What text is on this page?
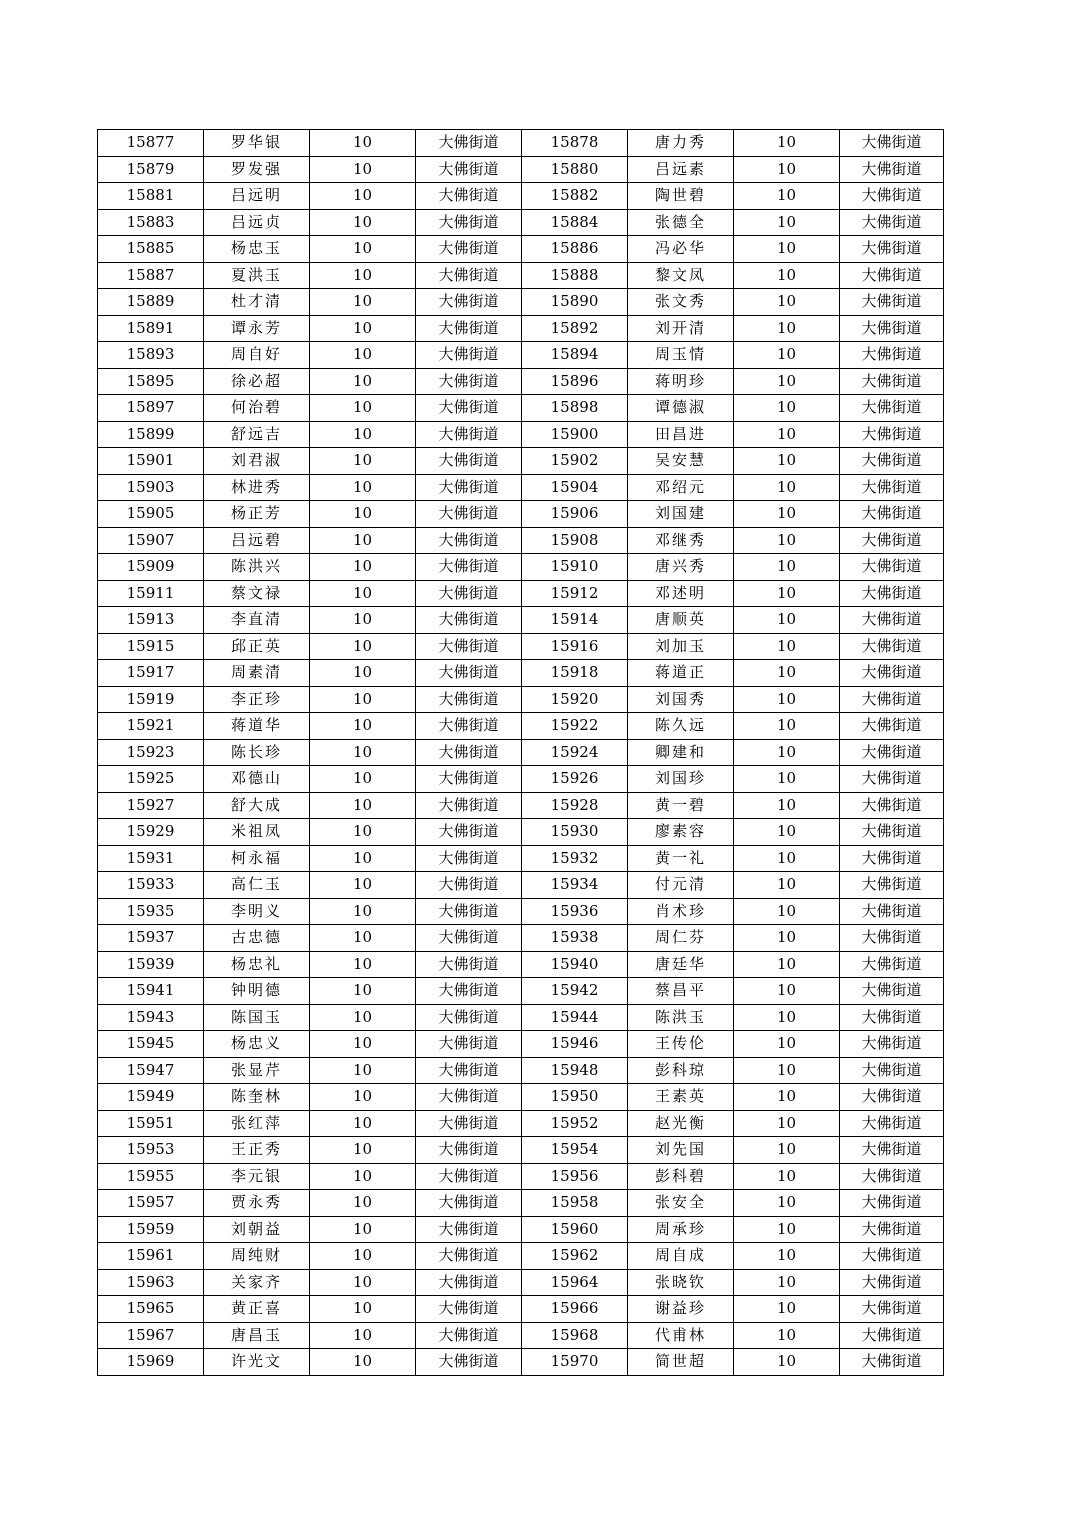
15877	罗华银	10	大佛街道	15878	唐力秀	10	大佛街道
15879	罗发强	10	大佛街道	15880	吕远素	10	大佛街道
15881	吕远明	10	大佛街道	15882	陶世碧	10	大佛街道
15883	吕远贞	10	大佛街道	15884	张德全	10	大佛街道
15885	杨忠玉	10	大佛街道	15886	冯必华	10	大佛街道
15887	夏洪玉	10	大佛街道	15888	黎文凤	10	大佛街道
15889	杜才清	10	大佛街道	15890	张文秀	10	大佛街道
15891	谭永芳	10	大佛街道	15892	刘开清	10	大佛街道
15893	周自好	10	大佛街道	15894	周玉情	10	大佛街道
15895	徐必超	10	大佛街道	15896	蒋明珍	10	大佛街道
15897	何治碧	10	大佛街道	15898	谭德淑	10	大佛街道
15899	舒远吉	10	大佛街道	15900	田昌进	10	大佛街道
15901	刘君淑	10	大佛街道	15902	吴安慧	10	大佛街道
15903	林进秀	10	大佛街道	15904	邓绍元	10	大佛街道
15905	杨正芳	10	大佛街道	15906	刘国建	10	大佛街道
15907	吕远碧	10	大佛街道	15908	邓继秀	10	大佛街道
15909	陈洪兴	10	大佛街道	15910	唐兴秀	10	大佛街道
15911	蔡文禄	10	大佛街道	15912	邓述明	10	大佛街道
15913	李直清	10	大佛街道	15914	唐顺英	10	大佛街道
15915	邱正英	10	大佛街道	15916	刘加玉	10	大佛街道
15917	周素清	10	大佛街道	15918	蒋道正	10	大佛街道
15919	李正珍	10	大佛街道	15920	刘国秀	10	大佛街道
15921	蒋道华	10	大佛街道	15922	陈久远	10	大佛街道
15923	陈长珍	10	大佛街道	15924	卿建和	10	大佛街道
15925	邓德山	10	大佛街道	15926	刘国珍	10	大佛街道
15927	舒大成	10	大佛街道	15928	黄一碧	10	大佛街道
15929	米祖凤	10	大佛街道	15930	廖素容	10	大佛街道
15931	柯永福	10	大佛街道	15932	黄一礼	10	大佛街道
15933	高仁玉	10	大佛街道	15934	付元清	10	大佛街道
15935	李明义	10	大佛街道	15936	肖术珍	10	大佛街道
15937	古忠德	10	大佛街道	15938	周仁芬	10	大佛街道
15939	杨忠礼	10	大佛街道	15940	唐廷华	10	大佛街道
15941	钟明德	10	大佛街道	15942	蔡昌平	10	大佛街道
15943	陈国玉	10	大佛街道	15944	陈洪玉	10	大佛街道
15945	杨忠义	10	大佛街道	15946	王传伦	10	大佛街道
15947	张显芹	10	大佛街道	15948	彭科琼	10	大佛街道
15949	陈奎林	10	大佛街道	15950	王素英	10	大佛街道
15951	张红萍	10	大佛街道	15952	赵光衡	10	大佛街道
15953	王正秀	10	大佛街道	15954	刘先国	10	大佛街道
15955	李元银	10	大佛街道	15956	彭科碧	10	大佛街道
15957	贾永秀	10	大佛街道	15958	张安全	10	大佛街道
15959	刘朝益	10	大佛街道	15960	周承珍	10	大佛街道
15961	周纯财	10	大佛街道	15962	周自成	10	大佛街道
15963	关家齐	10	大佛街道	15964	张晓钦	10	大佛街道
15965	黄正喜	10	大佛街道	15966	谢益珍	10	大佛街道
15967	唐昌玉	10	大佛街道	15968	代甫林	10	大佛街道
15969	许光文	10	大佛街道	15970	简世超	10	大佛街道
